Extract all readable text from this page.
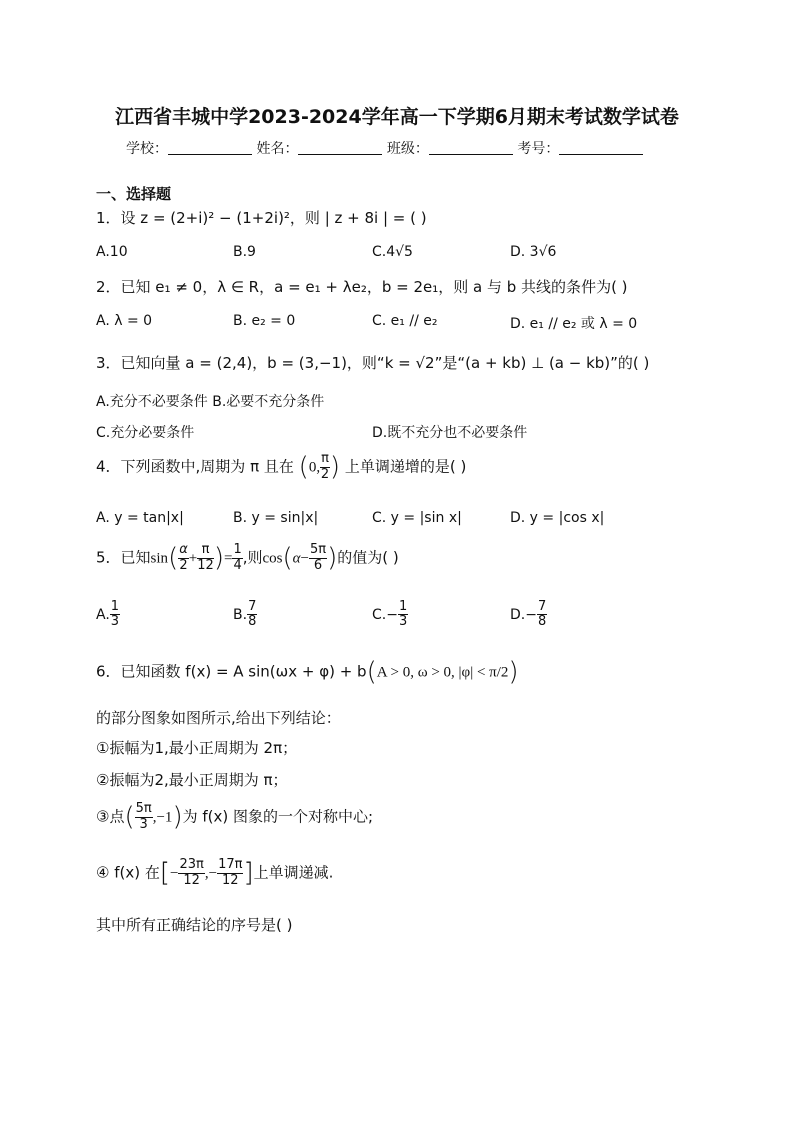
江西省丰城中学2023-2024学年高一下学期6月期末考试数学试卷
学校：	姓名：	班级：	考号：
一、选择题
1．设 z = (2+i)² − (1+2i)²，则 | z + 8i | = ( )
A.10	B.9	C.4√5	D. 3√6
2．已知 e₁ ≠ 0，λ ∈ R，a = e₁ + λe₂，b = 2e₁，则 a 与 b 共线的条件为( )
A. λ = 0	B. e₂ = 0	C. e₁ // e₂	D. e₁ // e₂ 或 λ = 0
3．已知向量 a = (2,4)，b = (3,−1)，则“k = √2”是“(a + kb) ⊥ (a − kb)”的( )
A.充分不必要条件 B.必要不充分条件
C.充分必要条件	D.既不充分也不必要条件
4．下列函数中,周期为 π 且在 (0, $\frac{\pi}{2}$ ) 上单调递增的是( )
A. y = tan|x|	B. y = sin|x|	C. y = |sin x|	D. y = |cos x|
5．已知$\sin( \frac{\alpha}{2} + \frac{\pi}{12}$ )= $\frac{1}{4}$ ,则$\cos(\alpha- \frac{5\pi}{6}$ )的值为( )
A. $\frac{1}{3}$	B. $\frac{7}{8}$	$C.- \frac{1}{3}$	$D.- \frac{7}{8}$
6．已知函数 f(x) = A sin(ωx + φ) + b(A > 0, ω > 0, |φ| < π/2)
的部分图象如图所示,给出下列结论：
①振幅为1,最小正周期为 2π；
②振幅为2,最小正周期为 π；
③点( $\frac{5\pi}{3} ,-1$)为 f(x) 图象的一个对称中心;
④ f(x) 在[− $\frac{23\pi}{12}$ ,− $\frac{17\pi}{12}$ ]上单调递减.
其中所有正确结论的序号是( )
